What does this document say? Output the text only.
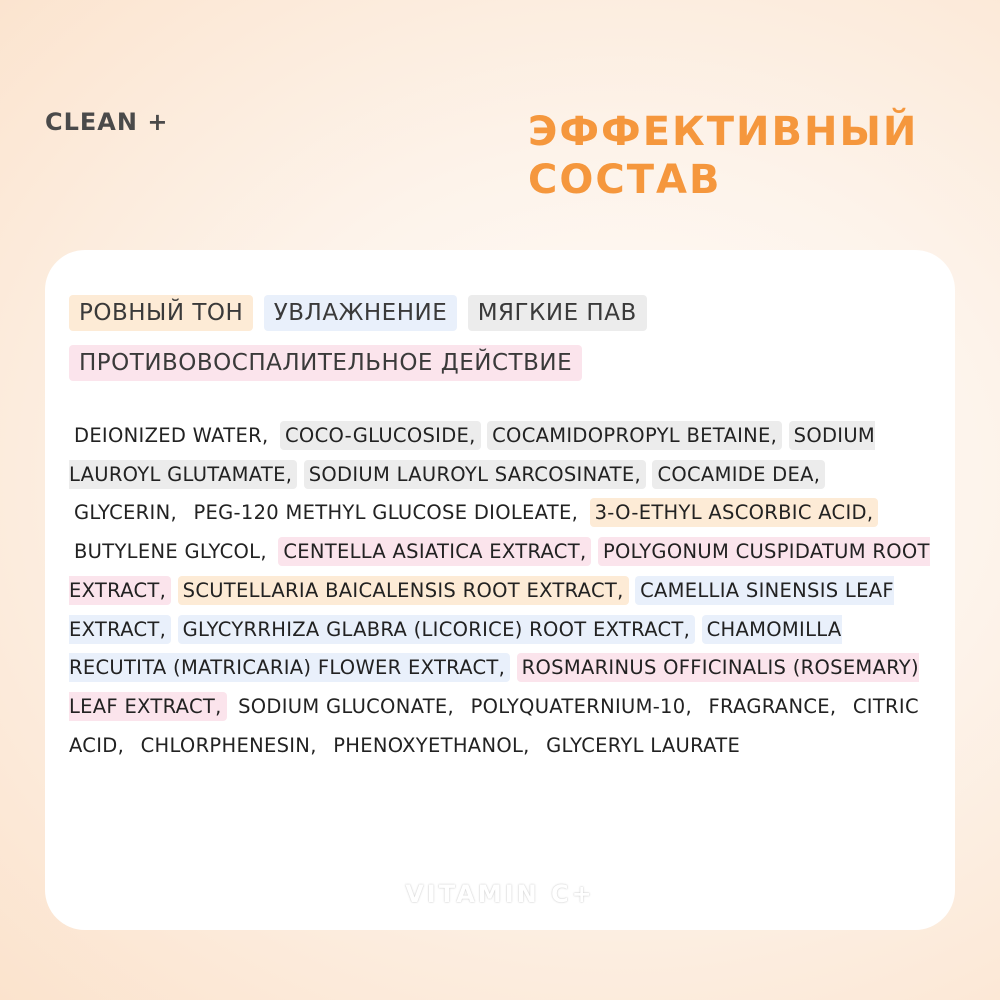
CLEAN +	ЭФФЕКТИВНЫЙ
СОСТАВ
РОВНЫЙ ТОН УВЛАЖНЕНИЕ МЯГКИЕ ПАВ ПРОТИВОВОСПАЛИТЕЛЬНОЕ ДЕЙСТВИЕ
DEIONIZED WATER, COCO-GLUCOSIDE, COCAMIDOPROPYL BETAINE, SODIUM LAUROYL GLUTAMATE, SODIUM LAUROYL SARCOSINATE, COCAMIDE DEA, GLYCERIN, PEG-120 METHYL GLUCOSE DIOLEATE, 3-O-ETHYL ASCORBIC ACID, BUTYLENE GLYCOL, CENTELLA ASIATICA EXTRACT, POLYGONUM CUSPIDATUM ROOT EXTRACT, SCUTELLARIA BAICALENSIS ROOT EXTRACT, CAMELLIA SINENSIS LEAF EXTRACT, GLYCYRRHIZA GLABRA (LICORICE) ROOT EXTRACT, CHAMOMILLA RECUTITA (MATRICARIA) FLOWER EXTRACT, ROSMARINUS OFFICINALIS (ROSEMARY) LEAF EXTRACT, SODIUM GLUCONATE, POLYQUATERNIUM-10, FRAGRANCE, CITRIC ACID, CHLORPHENESIN, PHENOXYETHANOL, GLYCERYL LAURATE
VITAMIN C+
